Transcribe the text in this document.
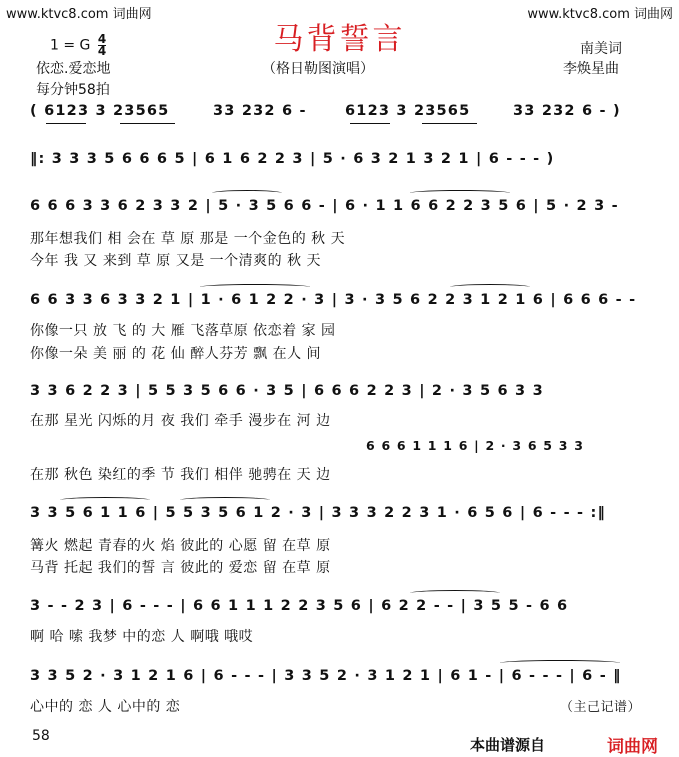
www.ktvc8.com 词曲网	www.ktvc8.com 词曲网
马背誓言
1 = G $\frac{4}{4}$
依恋.爱恋地
每分钟58拍
（格日勒图演唱）
南美词
李焕星曲
( 6123 3 23565	33 232 6 -	6123 3 23565	33 232 6 - )
‖: 3 3 3 5 6 6 6 5 | 6 1 6 2 2 3 | 5 · 6 3 2 1 3 2 1 | 6 - - - )
6 6 6 3 3 6 2 3 3 2 | 5 · 3 5 6 6 - | 6 · 1 1 6 6 2 2 3 5 6 | 5 · 2 3 -
那年想我们 相 会在 草 原 那是 一个金色的 秋 天
今年 我 又 来到 草 原 又是 一个清爽的 秋 天
6 6 3 3 6 3 3 2 1 | 1 · 6 1 2 2 · 3 | 3 · 3 5 6 2 2 3 1 2 1 6 | 6 6 6 - -
你像一只 放 飞 的 大 雁 飞落草原 依恋着 家 园
你像一朵 美 丽 的 花 仙 醉人芬芳 飘 在人 间
3 3 6 2 2 3 | 5 5 3 5 6 6 · 3 5 | 6 6 6 2 2 3 | 2 · 3 5 6 3 3
在那 星光 闪烁的月 夜 我们 牵手 漫步在 河 边
6 6 6 1 1 1 6 | 2 · 3 6 5 3 3
在那 秋色 染红的季 节 我们 相伴 驰骋在 天 边
3 3 5 6 1 1 6 | 5 5 3 5 6 1 2 · 3 | 3 3 3 2 2 3 1 · 6 5 6 | 6 - - - :‖
篝火 燃起 青春的火 焰 彼此的 心愿 留 在草 原
马背 托起 我们的誓 言 彼此的 爱恋 留 在草 原
3 - - 2 3 | 6 - - - | 6 6 1 1 1 2 2 3 5 6 | 6 2 2 - - | 3 5 5 - 6 6
啊 哈 嗦 我梦 中的恋 人 啊哦 哦哎
3 3 5 2 · 3 1 2 1 6 | 6 - - - | 3 3 5 2 · 3 1 2 1 | 6 1 - | 6 - - - | 6 - ‖
心中的 恋 人 心中的 恋	（主己记谱）
58	本曲谱源自	词曲网
